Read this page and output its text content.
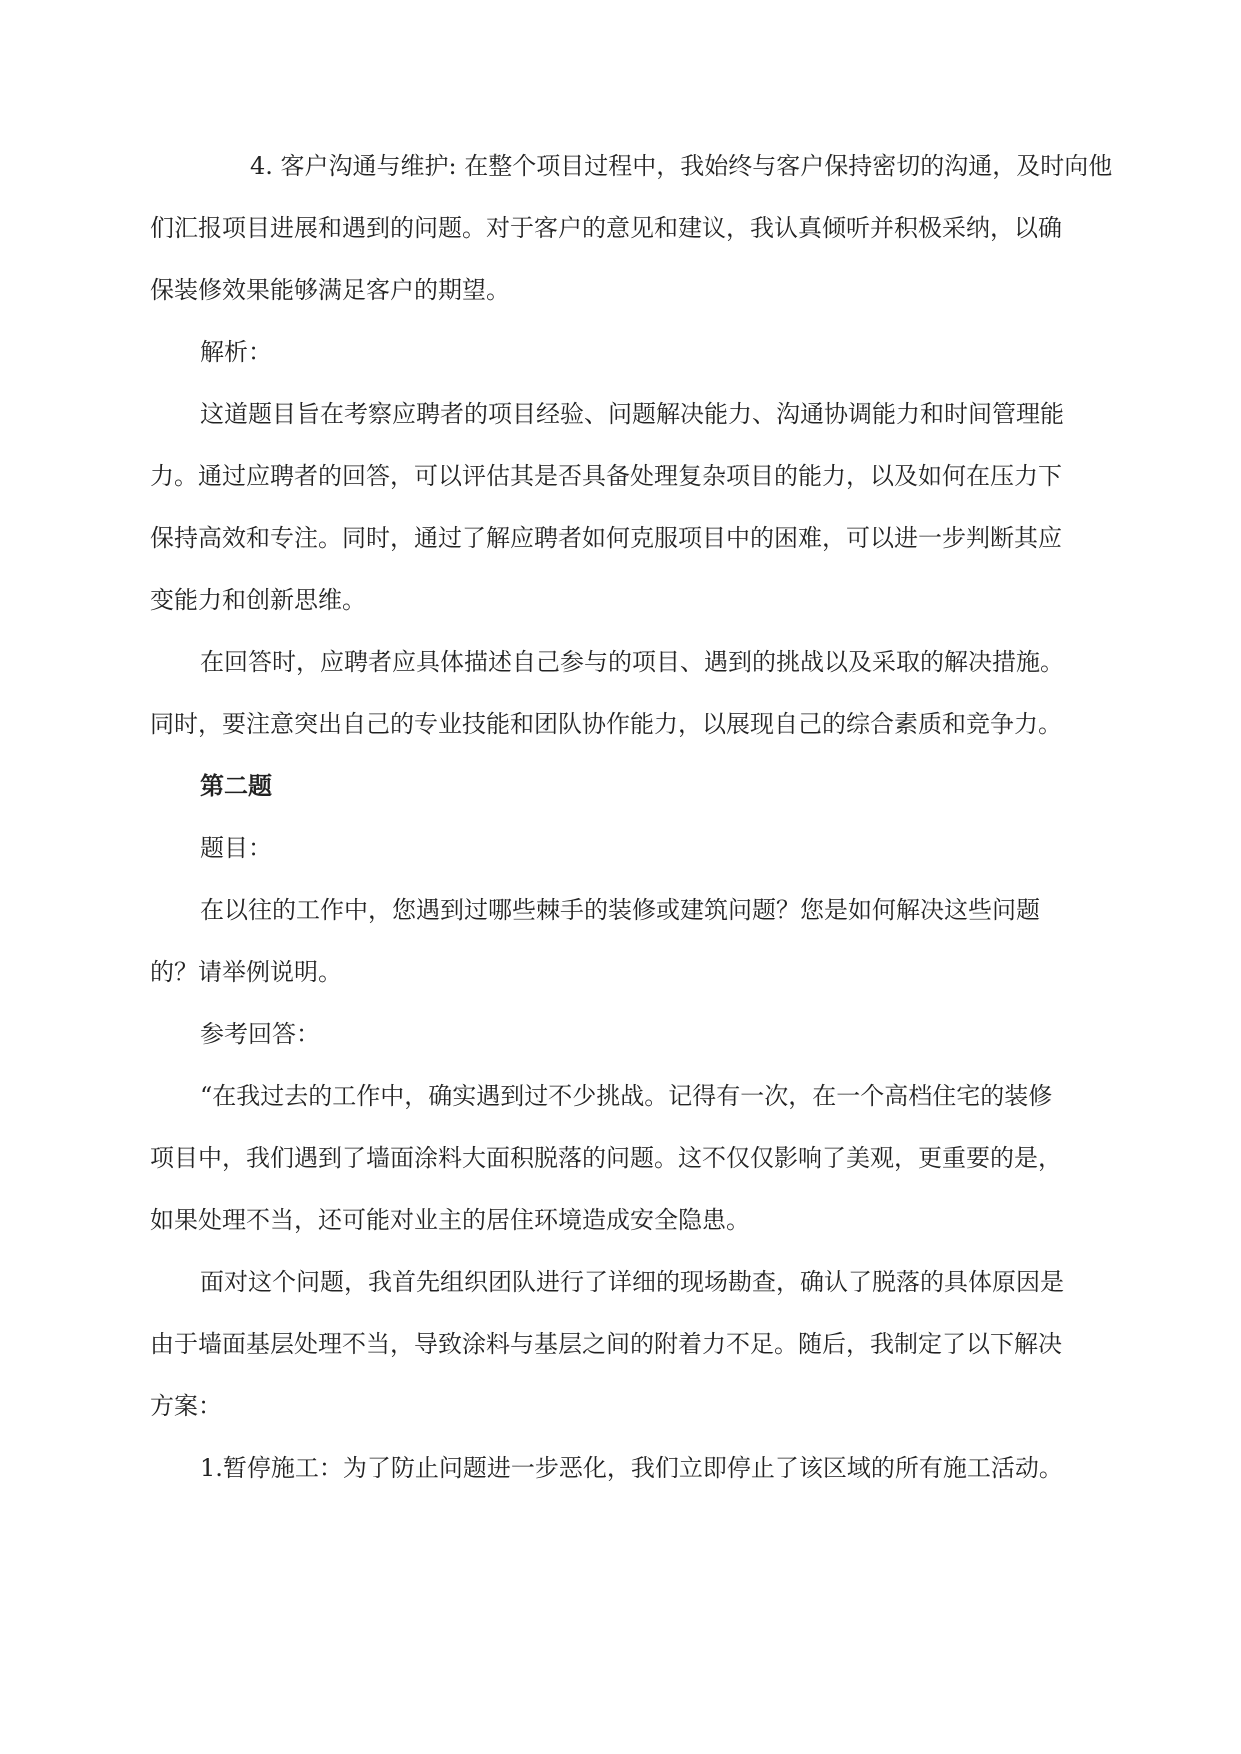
4. 客户沟通与维护: 在整个项目过程中，我始终与客户保持密切的沟通，及时向他
们汇报项目进展和遇到的问题。对于客户的意见和建议，我认真倾听并积极采纳，以确
保装修效果能够满足客户的期望。
解析：
这道题目旨在考察应聘者的项目经验、问题解决能力、沟通协调能力和时间管理能
力。通过应聘者的回答，可以评估其是否具备处理复杂项目的能力，以及如何在压力下
保持高效和专注。同时，通过了解应聘者如何克服项目中的困难，可以进一步判断其应
变能力和创新思维。
在回答时，应聘者应具体描述自己参与的项目、遇到的挑战以及采取的解决措施。
同时，要注意突出自己的专业技能和团队协作能力，以展现自己的综合素质和竞争力。
第二题
题目：
在以往的工作中，您遇到过哪些棘手的装修或建筑问题？您是如何解决这些问题
的？请举例说明。
参考回答：
“在我过去的工作中，确实遇到过不少挑战。记得有一次，在一个高档住宅的装修
项目中，我们遇到了墙面涂料大面积脱落的问题。这不仅仅影响了美观，更重要的是，
如果处理不当，还可能对业主的居住环境造成安全隐患。
面对这个问题，我首先组织团队进行了详细的现场勘查，确认了脱落的具体原因是
由于墙面基层处理不当，导致涂料与基层之间的附着力不足。随后，我制定了以下解决
方案：
1.暂停施工：为了防止问题进一步恶化，我们立即停止了该区域的所有施工活动。
